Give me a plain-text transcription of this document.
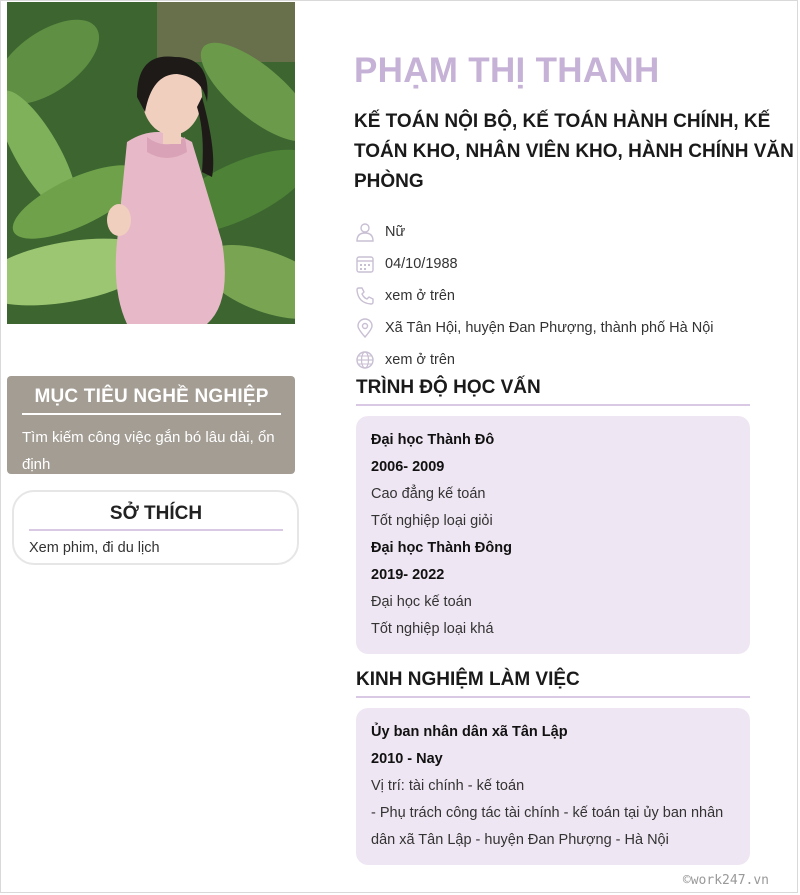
MỤC TIÊU NGHỀ NGHIỆP

Tìm kiếm công việc gắn bó lâu dài, ổn định

SỞ THÍCH

Xem phim, đi du lịch

PHẠM THỊ THANH
KẾ TOÁN NỘI BỘ, KẾ TOÁN HÀNH CHÍNH, KẾ TOÁN KHO, NHÂN VIÊN KHO, HÀNH CHÍNH VĂN PHÒNG
Nữ
04/10/1988
xem ở trên
Xã Tân Hội, huyện Đan Phượng, thành phố Hà Nội
xem ở trên
TRÌNH ĐỘ HỌC VẤN
Đại học Thành Đô
2006- 2009
Cao đẳng kế toán
Tốt nghiệp loại giỏi
Đại học Thành Đông
2019- 2022
Đại học kế toán
Tốt nghiệp loại khá
KINH NGHIỆM LÀM VIỆC
Ủy ban nhân dân xã Tân Lập
2010 - Nay
Vị trí: tài chính - kế toán
- Phụ trách công tác tài chính - kế toán tại ủy ban nhân
dân xã Tân Lập - huyện Đan Phượng - Hà Nội
©work247.vn
